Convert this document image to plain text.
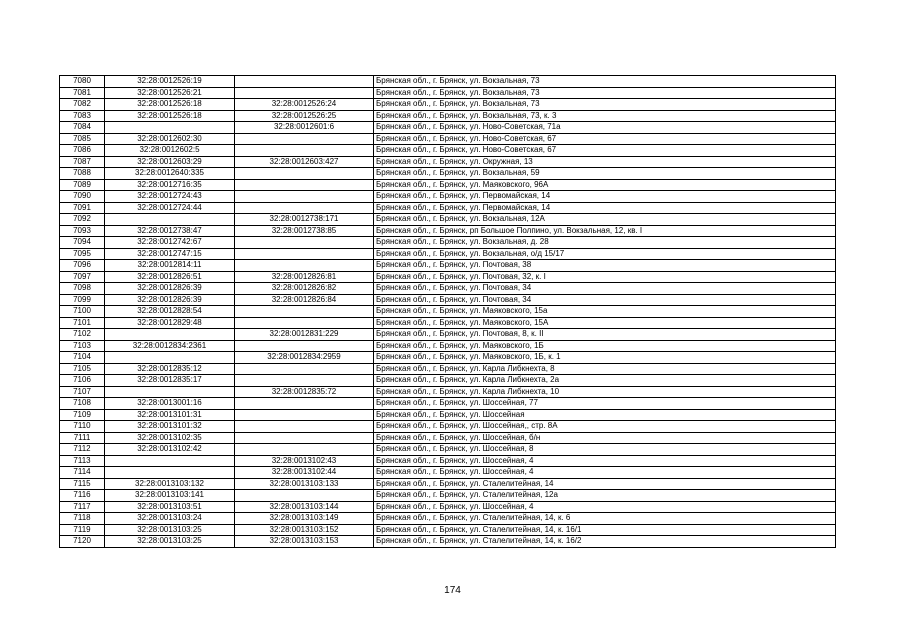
7080	32:28:0012526:19		Брянская обл., г. Брянск, ул. Вокзальная, 73
7081	32:28:0012526:21		Брянская обл., г. Брянск, ул. Вокзальная, 73
7082	32:28:0012526:18	32:28:0012526:24	Брянская обл., г. Брянск, ул. Вокзальная, 73
7083	32:28:0012526:18	32:28:0012526:25	Брянская обл., г. Брянск, ул. Вокзальная, 73, к. 3
7084		32:28:0012601:6	Брянская обл., г. Брянск, ул. Ново-Советская, 71а
7085	32:28:0012602:30		Брянская обл., г. Брянск, ул. Ново-Советская, 67
7086	32:28:0012602:5		Брянская обл., г. Брянск, ул. Ново-Советская, 67
7087	32:28:0012603:29	32:28:0012603:427	Брянская обл., г. Брянск, ул. Окружная, 13
7088	32:28:0012640:335		Брянская обл., г. Брянск, ул. Вокзальная, 59
7089	32:28:0012716:35		Брянская обл., г. Брянск, ул. Маяковского, 96А
7090	32:28:0012724:43		Брянская обл., г. Брянск, ул. Первомайская, 14
7091	32:28:0012724:44		Брянская обл., г. Брянск, ул. Первомайская, 14
7092		32:28:0012738:171	Брянская обл., г. Брянск, ул. Вокзальная, 12А
7093	32:28:0012738:47	32:28:0012738:85	Брянская обл., г. Брянск, рп Большое Полпино, ул. Вокзальная, 12, кв. I
7094	32:28:0012742:67		Брянская обл., г. Брянск, ул. Вокзальная, д. 28
7095	32:28:0012747:15		Брянская обл., г. Брянск, ул. Вокзальная, о/д 15/17
7096	32:28:0012814:11		Брянская обл., г. Брянск, ул. Почтовая, 38
7097	32:28:0012826:51	32:28:0012826:81	Брянская обл., г. Брянск, ул. Почтовая, 32, к. I
7098	32:28:0012826:39	32:28:0012826:82	Брянская обл., г. Брянск, ул. Почтовая, 34
7099	32:28:0012826:39	32:28:0012826:84	Брянская обл., г. Брянск, ул. Почтовая, 34
7100	32:28:0012828:54		Брянская обл., г. Брянск, ул. Маяковского, 15а
7101	32:28:0012829:48		Брянская обл., г. Брянск, ул. Маяковского, 15А
7102		32:28:0012831:229	Брянская обл., г. Брянск, ул. Почтовая, 8, к. II
7103	32:28:0012834:2361		Брянская обл., г. Брянск, ул. Маяковского, 1Б
7104		32:28:0012834:2959	Брянская обл., г. Брянск, ул. Маяковского, 1Б, к. 1
7105	32:28:0012835:12		Брянская обл., г. Брянск, ул. Карла Либкнехта, 8
7106	32:28:0012835:17		Брянская обл., г. Брянск, ул. Карла Либкнехта, 2а
7107		32:28:0012835:72	Брянская обл., г. Брянск, ул. Карла Либкнехта, 10
7108	32:28:0013001:16		Брянская обл., г. Брянск, ул. Шоссейная, 77
7109	32:28:0013101:31		Брянская обл., г. Брянск, ул. Шоссейная
7110	32:28:0013101:32		Брянская обл., г. Брянск, ул. Шоссейная,, стр. 8А
7111	32:28:0013102:35		Брянская обл., г. Брянск, ул. Шоссейная, б/н
7112	32:28:0013102:42		Брянская обл., г. Брянск, ул. Шоссейная, 8
7113		32:28:0013102:43	Брянская обл., г. Брянск, ул. Шоссейная, 4
7114		32:28:0013102:44	Брянская обл., г. Брянск, ул. Шоссейная, 4
7115	32:28:0013103:132	32:28:0013103:133	Брянская обл., г. Брянск, ул. Сталелитейная, 14
7116	32:28:0013103:141		Брянская обл., г. Брянск, ул. Сталелитейная, 12а
7117	32:28:0013103:51	32:28:0013103:144	Брянская обл., г. Брянск, ул. Шоссейная, 4
7118	32:28:0013103:24	32:28:0013103:149	Брянская обл., г. Брянск, ул. Сталелитейная, 14, к. 6
7119	32:28:0013103:25	32:28:0013103:152	Брянская обл., г. Брянск, ул. Сталелитейная, 14, к. 16/1
7120	32:28:0013103:25	32:28:0013103:153	Брянская обл., г. Брянск, ул. Сталелитейная, 14, к. 16/2
174
